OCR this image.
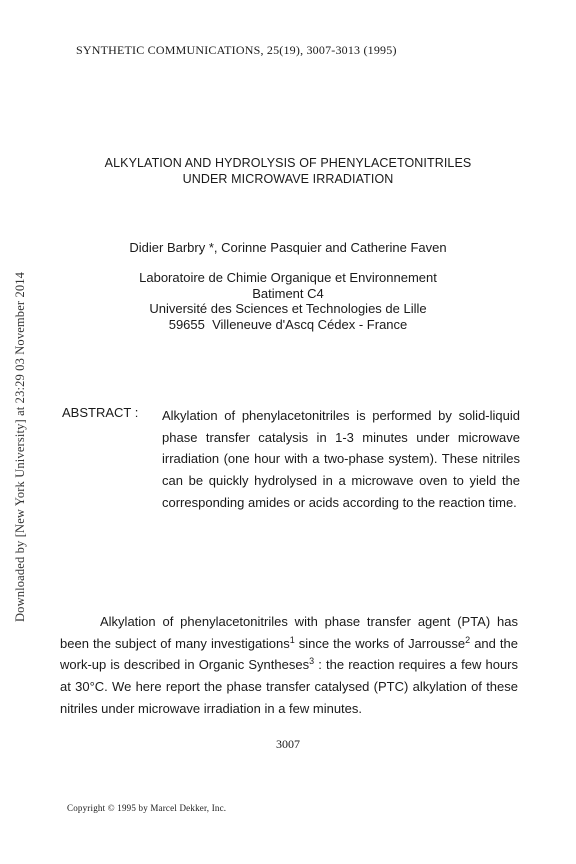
SYNTHETIC COMMUNICATIONS, 25(19), 3007-3013 (1995)
Downloaded by [New York University] at 23:29 03 November 2014
ALKYLATION AND HYDROLYSIS OF PHENYLACETONITRILES
UNDER MICROWAVE IRRADIATION
Didier Barbry *, Corinne Pasquier and Catherine Faven
Laboratoire de Chimie Organique et Environnement
Batiment C4
Université des Sciences et Technologies de Lille
59655  Villeneuve d'Ascq Cédex - France
ABSTRACT : Alkylation of phenylacetonitriles is performed by solid-liquid phase transfer catalysis in 1-3 minutes under microwave irradiation (one hour with a two-phase system). These nitriles can be quickly hydrolysed in a microwave oven to yield the corresponding amides or acids according to the reaction time.
Alkylation of phenylacetonitriles with phase transfer agent (PTA) has been the subject of many investigations$^1$ since the works of Jarrousse$^2$ and the work-up is described in Organic Syntheses$^3$ : the reaction requires a few hours at 30°C. We here report the phase transfer catalysed (PTC) alkylation of these nitriles under microwave irradiation in a few minutes.
3007
Copyright © 1995 by Marcel Dekker, Inc.
